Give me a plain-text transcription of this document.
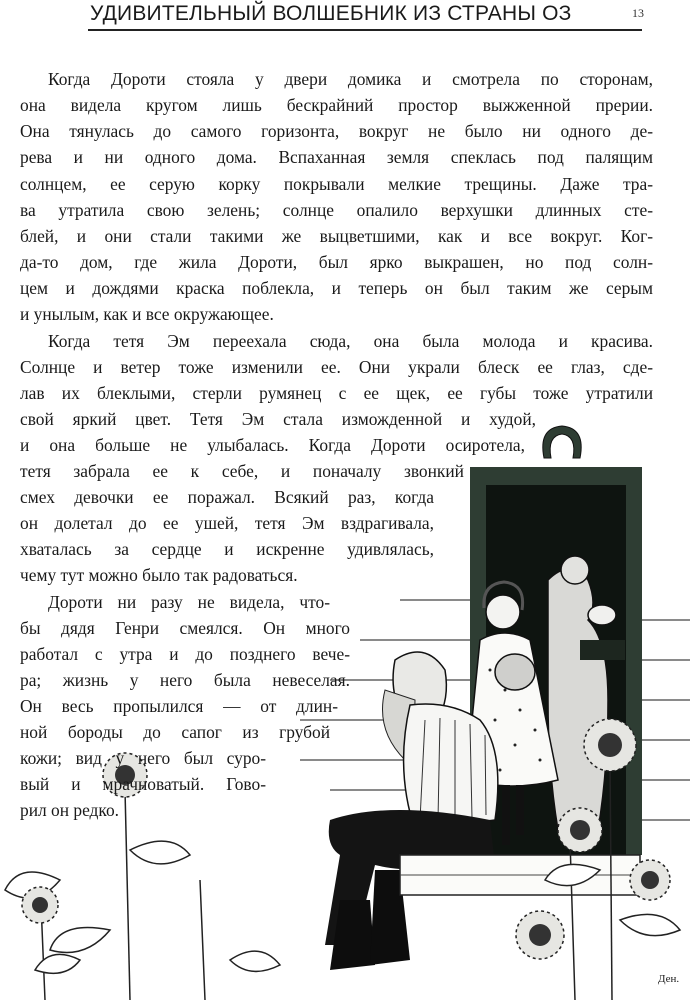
УДИВИТЕЛЬНЫЙ ВОЛШЕБНИК ИЗ СТРАНЫ ОЗ	13
Ден.
Когда Дороти стояла у двери домика и смотрела по сторонам,
она видела кругом лишь бескрайний простор выжженной прерии.
Она тянулась до самого горизонта, вокруг не было ни одного де-
рева и ни одного дома. Вспаханная земля спеклась под палящим
солнцем, ее серую корку покрывали мелкие трещины. Даже тра-
ва утратила свою зелень; солнце опалило верхушки длинных сте-
блей, и они стали такими же выцветшими, как и все вокруг. Ког-
да-то дом, где жила Дороти, был ярко выкрашен, но под солн-
цем и дождями краска поблекла, и теперь он был таким же серым
и унылым, как и все окружающее.
Когда тетя Эм переехала сюда, она была молода и красива.
Солнце и ветер тоже изменили ее. Они украли блеск ее глаз, сде-
лав их блеклыми, стерли румянец с ее щек, ее губы тоже утратили
свой яркий цвет. Тетя Эм стала изможденной и худой,
и она больше не улыбалась. Когда Дороти осиротела,
тетя забрала ее к себе, и поначалу звонкий
смех девочки ее поражал. Всякий раз, когда
он долетал до ее ушей, тетя Эм вздрагивала,
хваталась за сердце и искренне удивлялась,
чему тут можно было так радоваться.
Дороти ни разу не видела, что-
бы дядя Генри смеялся. Он много
работал с утра и до позднего вече-
ра; жизнь у него была невеселая.
Он весь пропылился — от длин-
ной бороды до сапог из грубой
кожи; вид у него был суро-
вый и мрачноватый. Гово-
рил он редко.
